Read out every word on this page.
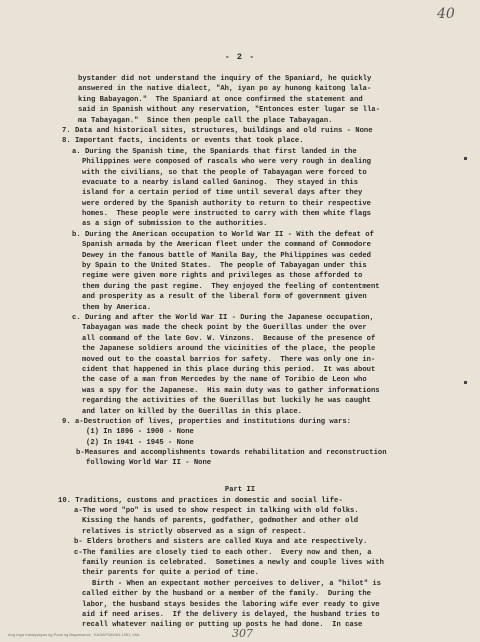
40
- 2 -
bystander did not understand the inquiry of the Spaniard, he quickly
answered in the native dialect, "Ah, iyan po ay hunong kaitong lala-
king Babayagon."  The Spaniard at once confirmed the statement and
said in Spanish without any reservation, "Entonces ester lugar se lla-
ma Tabayagan."  Since then people call the place Tabayagan.
7. Data and historical sites, structures, buildings and old ruins - None
8. Important facts, incidents or events that took place.
a. During the Spanish time, the Spaniards that first landed in the
Philippines were composed of rascals who were very rough in dealing
with the civilians, so that the people of Tabayagan were forced to
evacuate to a nearby island called Ganinog.  They stayed in this
island for a certain period of time until several days after they
were ordered by the Spanish authority to return to their respective
homes.  These people were instructed to carry with them white flags
as a sign of submission to the authorities.
b. During the American occupation to World War II - With the defeat of
Spanish armada by the American fleet under the command of Commodore
Dewey in the famous battle of Manila Bay, the Philippines was ceded
by Spain to the United States.  The people of Tabayagan under this
regime were given more rights and privileges as those afforded to
them during the past regime.  They enjoyed the feeling of contentment
and prosperity as a result of the liberal form of government given
them by America.
c. During and after the World War II - During the Japanese occupation,
Tabayagan was made the check point by the Guerillas under the over
all command of the late Gov. W. Vinzons.  Because of the presence of
the Japanese soldiers around the vicinities of the place, the people
moved out to the coastal barrios for safety.  There was only one in-
cident that happened in this place during this period.  It was about
the case of a man from Mercedes by the name of Toribio de Leon who
was a spy for the Japanese.  His main duty was to gather informations
regarding the activities of the Guerillas but luckily he was caught
and later on killed by the Guerillas in this place.
9. a-Destruction of lives, properties and institutions during wars:
(1) In 1896 - 1900 - None
(2) In 1941 - 1945 - None
b-Measures and accomplishments towards rehabilitation and reconstruction
following World War II - None
Part II
10. Traditions, customs and practices in domestic and social life-
a-The word "po" is used to show respect in talking with old folks.
Kissing the hands of parents, godfather, godmother and other old
relatives is strictly observed as a sign of respect.
b- Elders brothers and sisters are called Kuya and ate respectively.
c-The families are closely tied to each other.  Every now and then, a
family reunion is celebrated.  Sometimes a newly and couple lives with
their parents for quite a period of time.
Birth - When an expectant mother perceives to deliver, a "hilot" is
called either by the husband or a member of the family.  During the
labor, the husband stays besides the laboring wife ever ready to give
aid if need arises.  If the delivery is delayed, the husband tries to
recall whatever nailing or putting up posts he had done.  In case
Ang mga Kasaysayan ng Pook ng Bagamanoc   KASAYSAYAN-1951, bhb.	307
